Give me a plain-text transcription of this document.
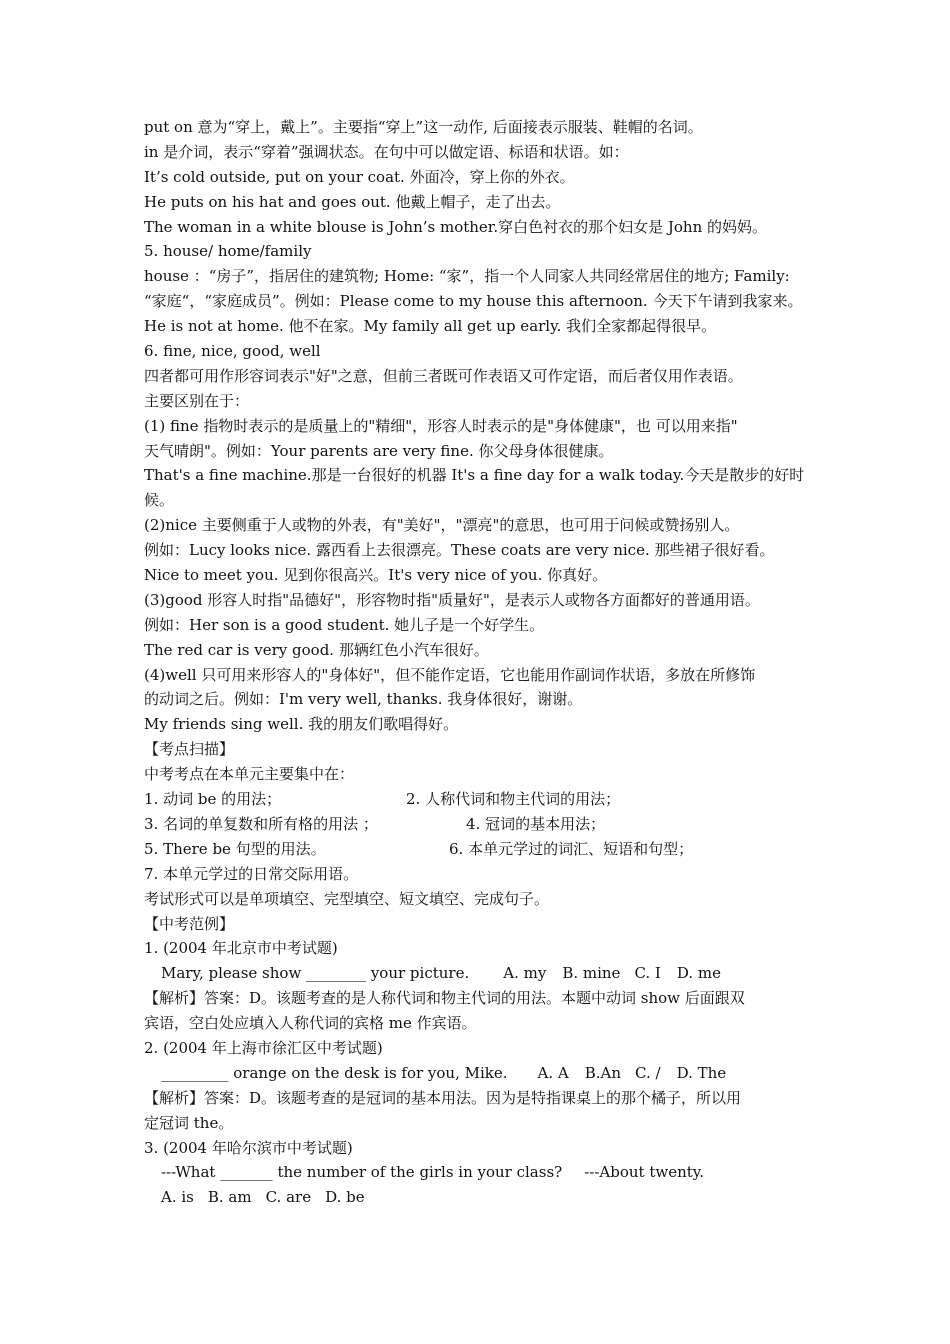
put on 意为“穿上，戴上”。主要指“穿上”这一动作, 后面接表示服装、鞋帽的名词。
in 是介词，表示“穿着”强调状态。在句中可以做定语、标语和状语。如：
It’s cold outside, put on your coat. 外面冷，穿上你的外衣。
He puts on his hat and goes out. 他戴上帽子，走了出去。
The woman in a white blouse is John’s mother.穿白色衬衣的那个妇女是 John 的妈妈。
5. house/ home/family
house ：“房子”，指居住的建筑物; Home: “家”，指一个人同家人共同经常居住的地方; Family:
“家庭“，“家庭成员”。例如：Please come to my house this afternoon. 今天下午请到我家来。
He is not at home. 他不在家。My family all get up early. 我们全家都起得很早。
6. fine, nice, good, well
四者都可用作形容词表示"好"之意，但前三者既可作表语又可作定语，而后者仅用作表语。
主要区别在于：
(1) fine 指物时表示的是质量上的"精细"，形容人时表示的是"身体健康"，也 可以用来指"
天气晴朗"。例如：Your parents are very fine. 你父母身体很健康。
That's a fine machine.那是一台很好的机器 It's a fine day for a walk today.今天是散步的好时
候。
(2)nice 主要侧重于人或物的外表，有"美好"，"漂亮"的意思，也可用于问候或赞扬别人。
例如：Lucy looks nice. 露西看上去很漂亮。These coats are very nice. 那些裙子很好看。
Nice to meet you. 见到你很高兴。It's very nice of you. 你真好。
(3)good 形容人时指"品德好"，形容物时指"质量好"，是表示人或物各方面都好的普通用语。
例如：Her son is a good student. 她儿子是一个好学生。
The red car is very good. 那辆红色小汽车很好。
(4)well 只可用来形容人的"身体好"，但不能作定语，它也能用作副词作状语，多放在所修饰
的动词之后。例如：I'm very well, thanks. 我身体很好，谢谢。
My friends sing well. 我的朋友们歌唱得好。
【考点扫描】
中考考点在本单元主要集中在：
1. 动词 be 的用法；	2. 人称代词和物主代词的用法；
3. 名词的单复数和所有格的用法 ；	4. 冠词的基本用法；
5. There be 句型的用法。	6. 本单元学过的词汇、短语和句型；
7. 本单元学过的日常交际用语。
考试形式可以是单项填空、完型填空、短文填空、完成句子。
【中考范例】
1. (2004 年北京市中考试题)
Mary, please show ________ your picture. A. my B. mine C. I D. me
【解析】答案：D。该题考查的是人称代词和物主代词的用法。本题中动词 show 后面跟双
宾语，空白处应填入人称代词的宾格 me 作宾语。
2. (2004 年上海市徐汇区中考试题)
_________ orange on the desk is for you, Mike. A. A B.An C. / D. The
【解析】答案：D。该题考查的是冠词的基本用法。因为是特指课桌上的那个橘子，所以用
定冠词 the。
3. (2004 年哈尔滨市中考试题)
---What _______ the number of the girls in your class? ---About twenty.
A. is B. am C. are D. be
